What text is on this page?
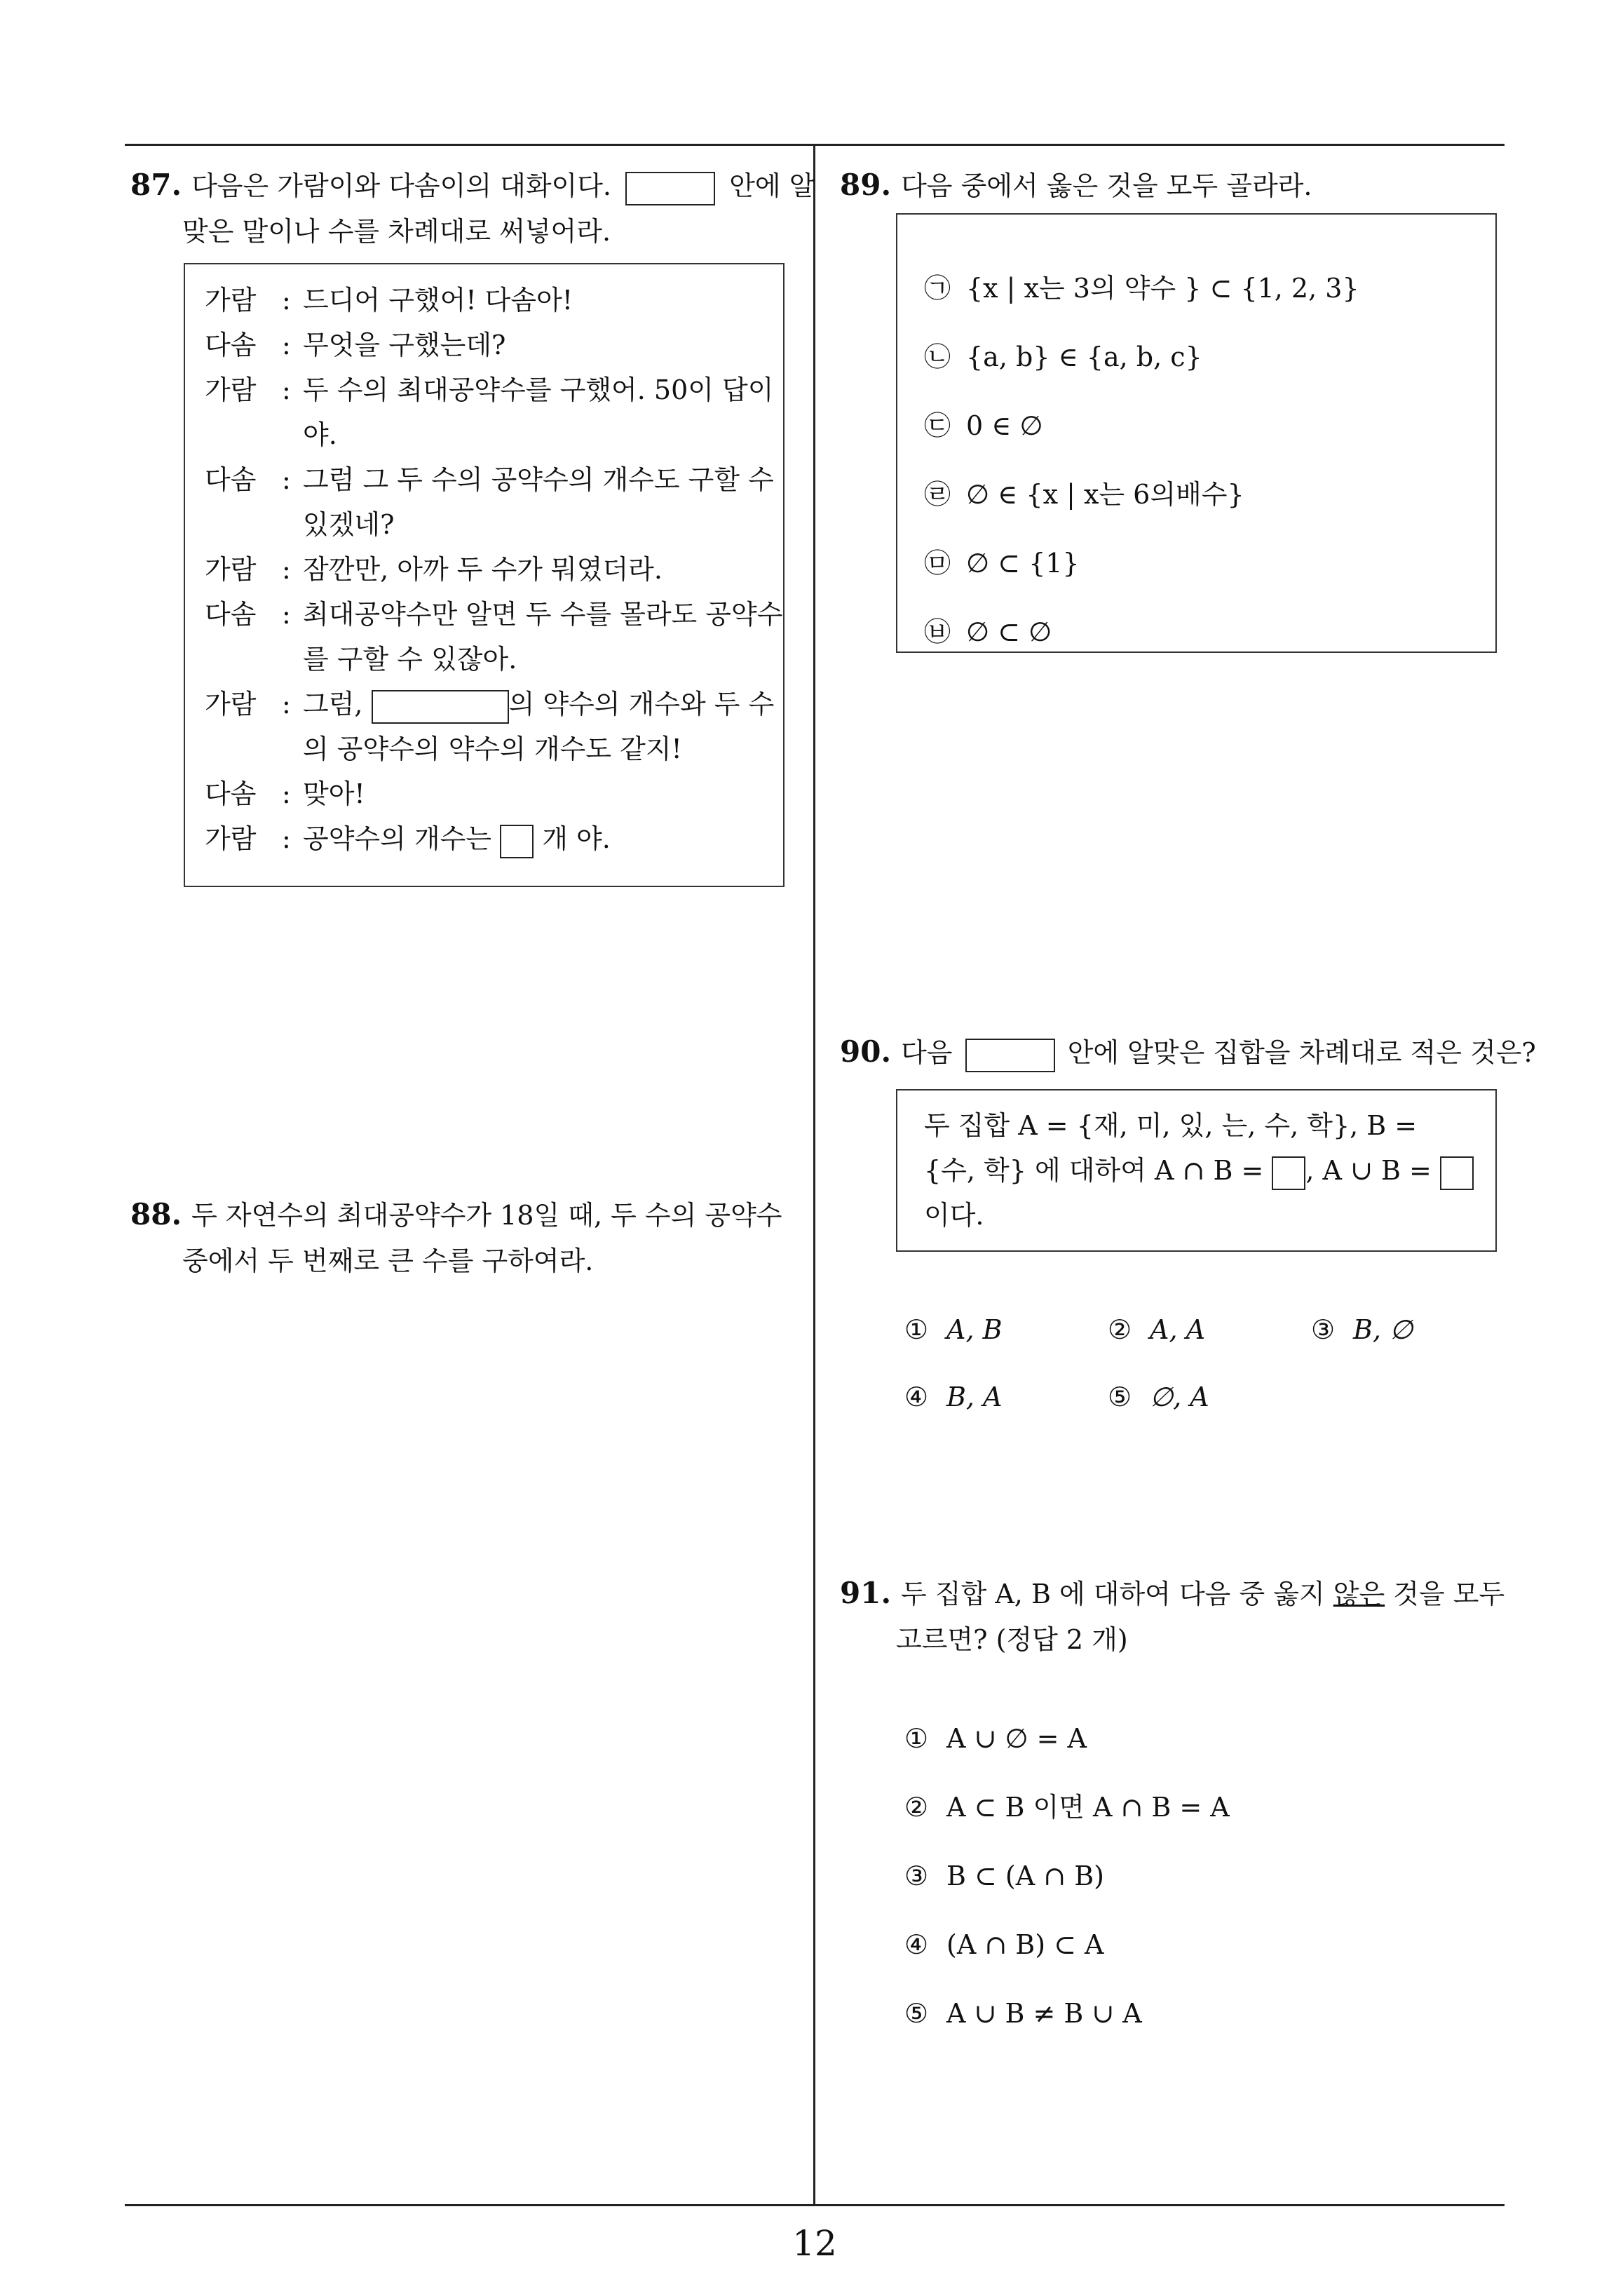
87. 다음은 가람이와 다솜이의 대화이다.	안에 알
맞은 말이나 수를 차례대로 써넣어라.
가람 : 드디어 구했어! 다솜아!
다솜 : 무엇을 구했는데?
가람 : 두 수의 최대공약수를 구했어. 50이 답이
야.
다솜 : 그럼 그 두 수의 공약수의 개수도 구할 수
있겠네?
가람 : 잠깐만, 아까 두 수가 뭐였더라.
다솜 : 최대공약수만 알면 두 수를 몰라도 공약수
를 구할 수 있잖아.
가람 : 그럼,	의 약수의 개수와 두 수
의 공약수의 약수의 개수도 같지!
다솜 : 맞아!
가람 : 공약수의 개수는 개 야.
88. 두 자연수의 최대공약수가 18일 때, 두 수의 공약수
중에서 두 번째로 큰 수를 구하여라.
89. 다음 중에서 옳은 것을 모두 골라라.
㉠ {x | x는 3의 약수 } ⊂ {1, 2, 3}
㉡ {a, b} ∈ {a, b, c}
㉢ 0 ∈ ∅
㉣ ∅ ∈ {x | x는 6의배수}
㉤ ∅ ⊂ {1}
㉥ ∅ ⊂ ∅
90. 다음	안에 알맞은 집합을 차례대로 적은 것은?
두 집합 A = {재, 미, 있, 는, 수, 학}, B =
{수, 학} 에 대하여 A ∩ B = , A ∪ B =
이다.
① A, B	② A, A	③ B, ∅
④ B, A	⑤ ∅, A
91. 두 집합 A, B 에 대하여 다음 중 옳지 않은 것을 모두
고르면? (정답 2 개)
① A ∪ ∅ = A
② A ⊂ B 이면 A ∩ B = A
③ B ⊂ (A ∩ B)
④ (A ∩ B) ⊂ A
⑤ A ∪ B ≠ B ∪ A
12
